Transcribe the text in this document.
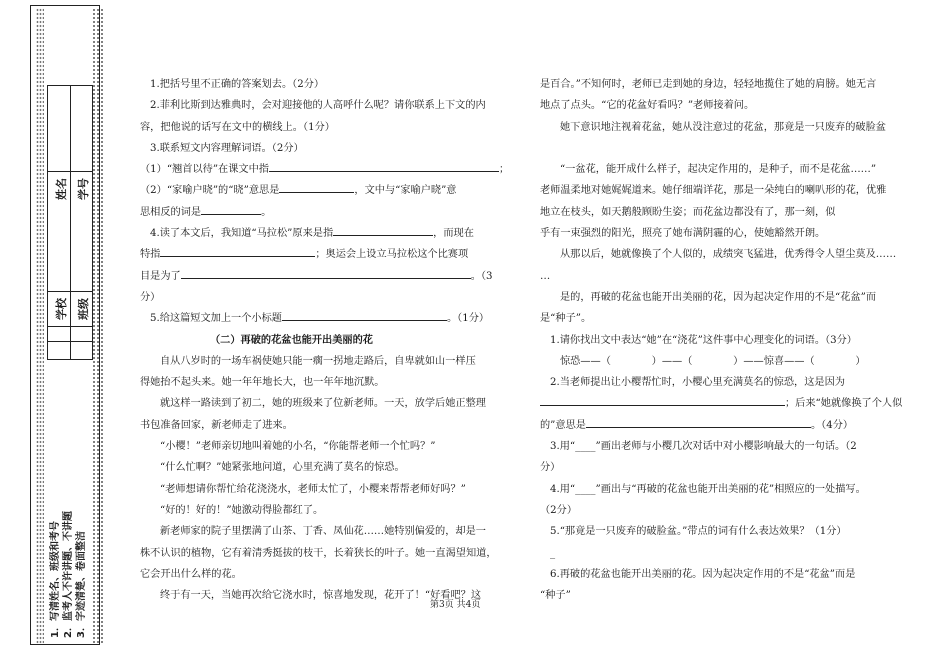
姓名 学号
学校 班级
1．写清姓名、班级和考号 2．监考人不许讲题、不讲题 3．字迹清楚、卷面整洁
1.把括号里不正确的答案划去。（2分）
2.菲利比斯到达雅典时，会对迎接他的人高呼什么呢？请你联系上下文的内
容，把他说的话写在文中的横线上。（1分）
3.联系短文内容理解词语。（2分）
（1）“翘首以待”在课文中指	；
（2）“家喻户晓”的“晓”意思是	，文中与“家喻户晓”意
思相反的词是	。
4.读了本文后，我知道“马拉松”原来是指	，而现在
特指	；奥运会上设立马拉松这个比赛项
目是为了	。（3
分）
5.给这篇短文加上一个小标题	。（1分）
（二）再破的花盆也能开出美丽的花
自从八岁时的一场车祸使她只能一瘸一拐地走路后，自卑就如山一样压
得她抬不起头来。她一年年地长大，也一年年地沉默。
就这样一路读到了初二，她的班级来了位新老师。一天，放学后她正整理
书包准备回家，新老师走了进来。
“小樱！”老师亲切地叫着她的小名，“你能帮老师一个忙吗？”
“什么忙啊？”她紧张地问道，心里充满了莫名的惊恐。
“老师想请你帮忙给花浇浇水，老师太忙了，小樱来帮帮老师好吗？”
“好的！好的！”她激动得脸都红了。
新老师家的院子里摆满了山茶、丁香、凤仙花……她特别偏爱的，却是一
株不认识的植物，它有着清秀挺拔的枝干，长着狭长的叶子。她一直渴望知道，
它会开出什么样的花。
终于有一天，当她再次给它浇水时，惊喜地发现，花开了！“好看吧？这
是百合。”不知何时，老师已走到她的身边，轻轻地揽住了她的肩膀。她无言
地点了点头。“它的花盆好看吗？”老师接着问。
她下意识地注视着花盆，她从没注意过的花盆，那竟是一只废弃的破脸盆
“一盆花，能开成什么样子，起决定作用的，是种子，而不是花盆……”
老师温柔地对她娓娓道来。她仔细端详花，那是一朵纯白的喇叭形的花，优雅
地立在枝头，如天鹅般顾盼生姿；而花盆边都没有了，那一刻，似
乎有一束强烈的阳光，照亮了她布满阴霾的心，使她豁然开朗。
从那以后，她就像换了个人似的，成绩突飞猛进，优秀得令人望尘莫及……
…
是的，再破的花盆也能开出美丽的花，因为起决定作用的不是“花盆”而
是“种子”。
1.请你找出文中表达“她”在“浇花”这件事中心理变化的词语。（3分）
惊恐——（　　　　）——（　　　　）——惊喜——（　　　　）
2.当老师提出让小樱帮忙时，小樱心里充满莫名的惊恐，这是因为
；后来“她就像换了个人似
的”意思是	。（4分）
3.用“____”画出老师与小樱几次对话中对小樱影响最大的一句话。（2
分）
4.用“____”画出与“再破的花盆也能开出美丽的花”相照应的一处描写。
（2分）
5.“那竟是一只废弃的破脸盆。”带点的词有什么表达效果？（1分）
_
6.再破的花盆也能开出美丽的花。因为起决定作用的不是“花盆”而是
“种子”
第3页 共4页
